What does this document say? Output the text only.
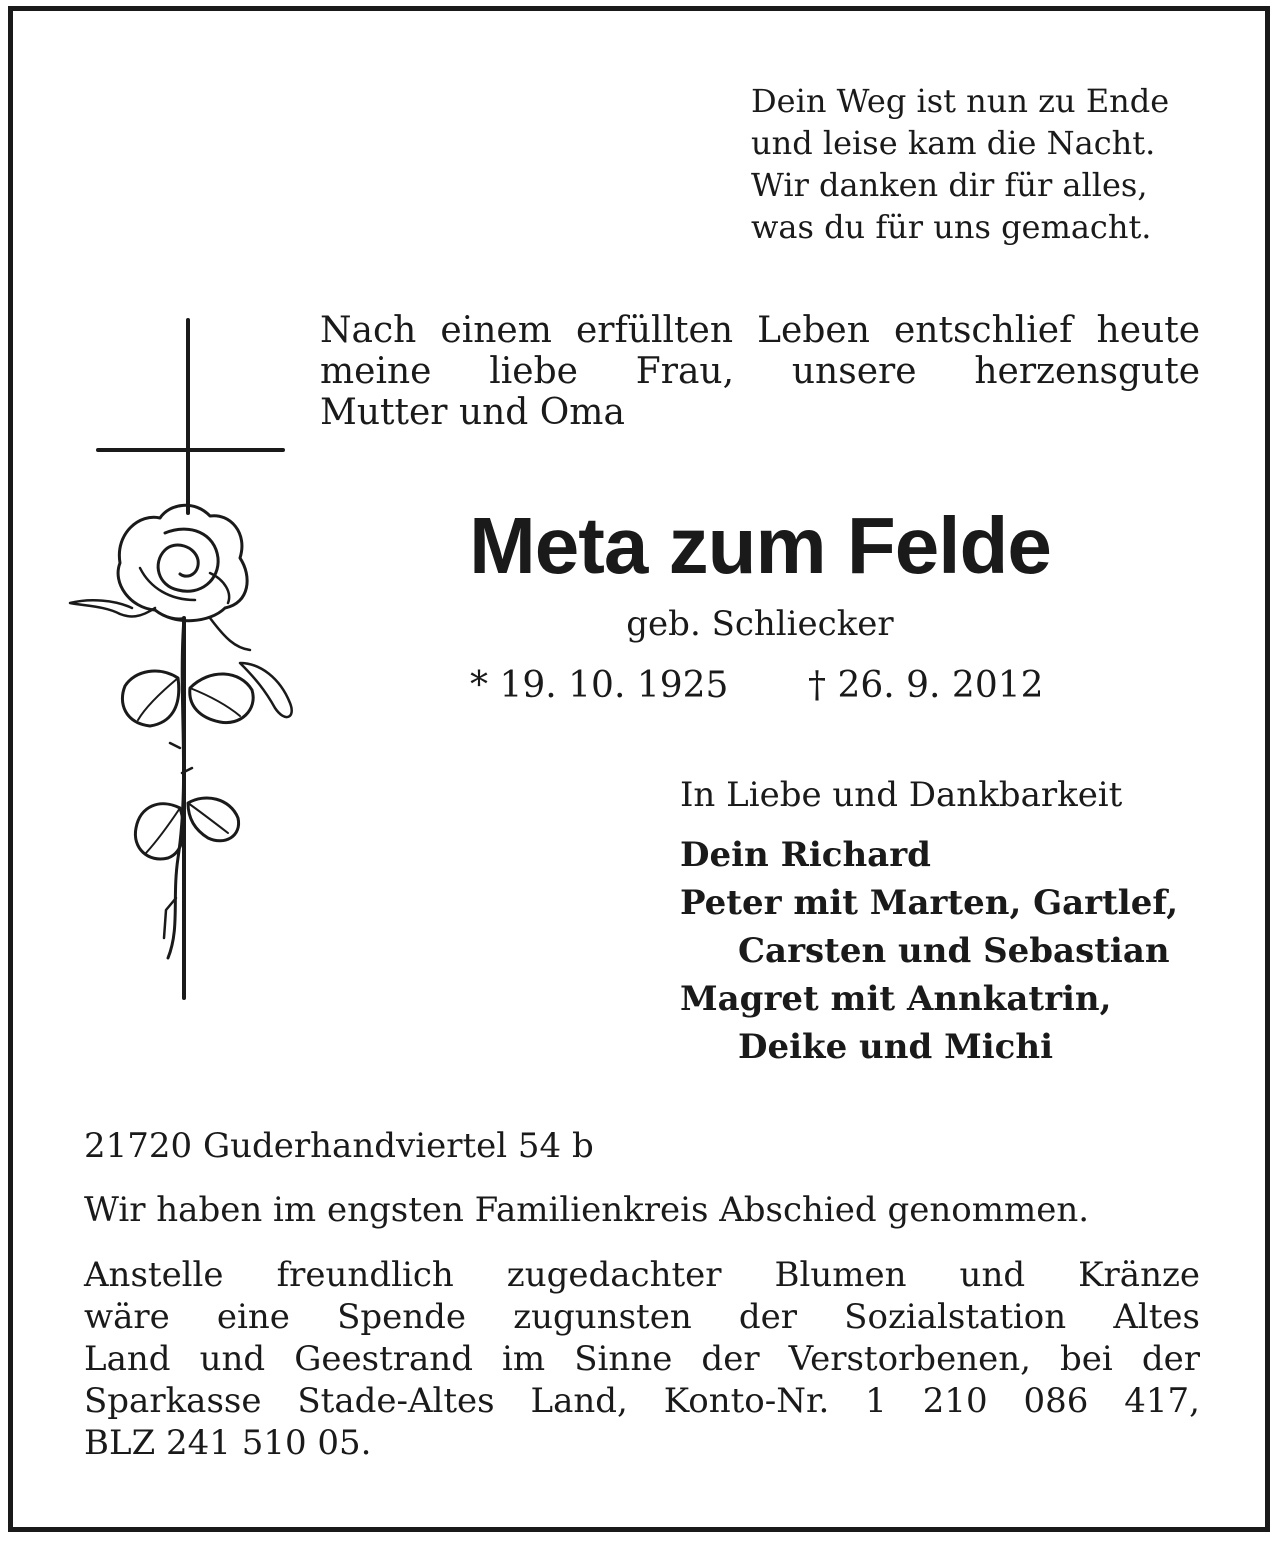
Dein Weg ist nun zu Ende
und leise kam die Nacht.
Wir danken dir für alles,
was du für uns gemacht.
Nach einem erfüllten Leben entschlief heute
meine liebe Frau, unsere herzensgute
Mutter und Oma
Meta zum Felde
geb. Schliecker
* 19. 10. 1925 † 26. 9. 2012
In Liebe und Dankbarkeit
Dein Richard
Peter mit Marten, Gartlef,
Carsten und Sebastian
Magret mit Annkatrin,
Deike und Michi
21720 Guderhandviertel 54 b
Wir haben im engsten Familienkreis Abschied genommen.
Anstelle freundlich zugedachter Blumen und Kränze
wäre eine Spende zugunsten der Sozialstation Altes
Land und Geestrand im Sinne der Verstorbenen, bei der
Sparkasse Stade-Altes Land, Konto-Nr. 1 210 086 417,
BLZ 241 510 05.
